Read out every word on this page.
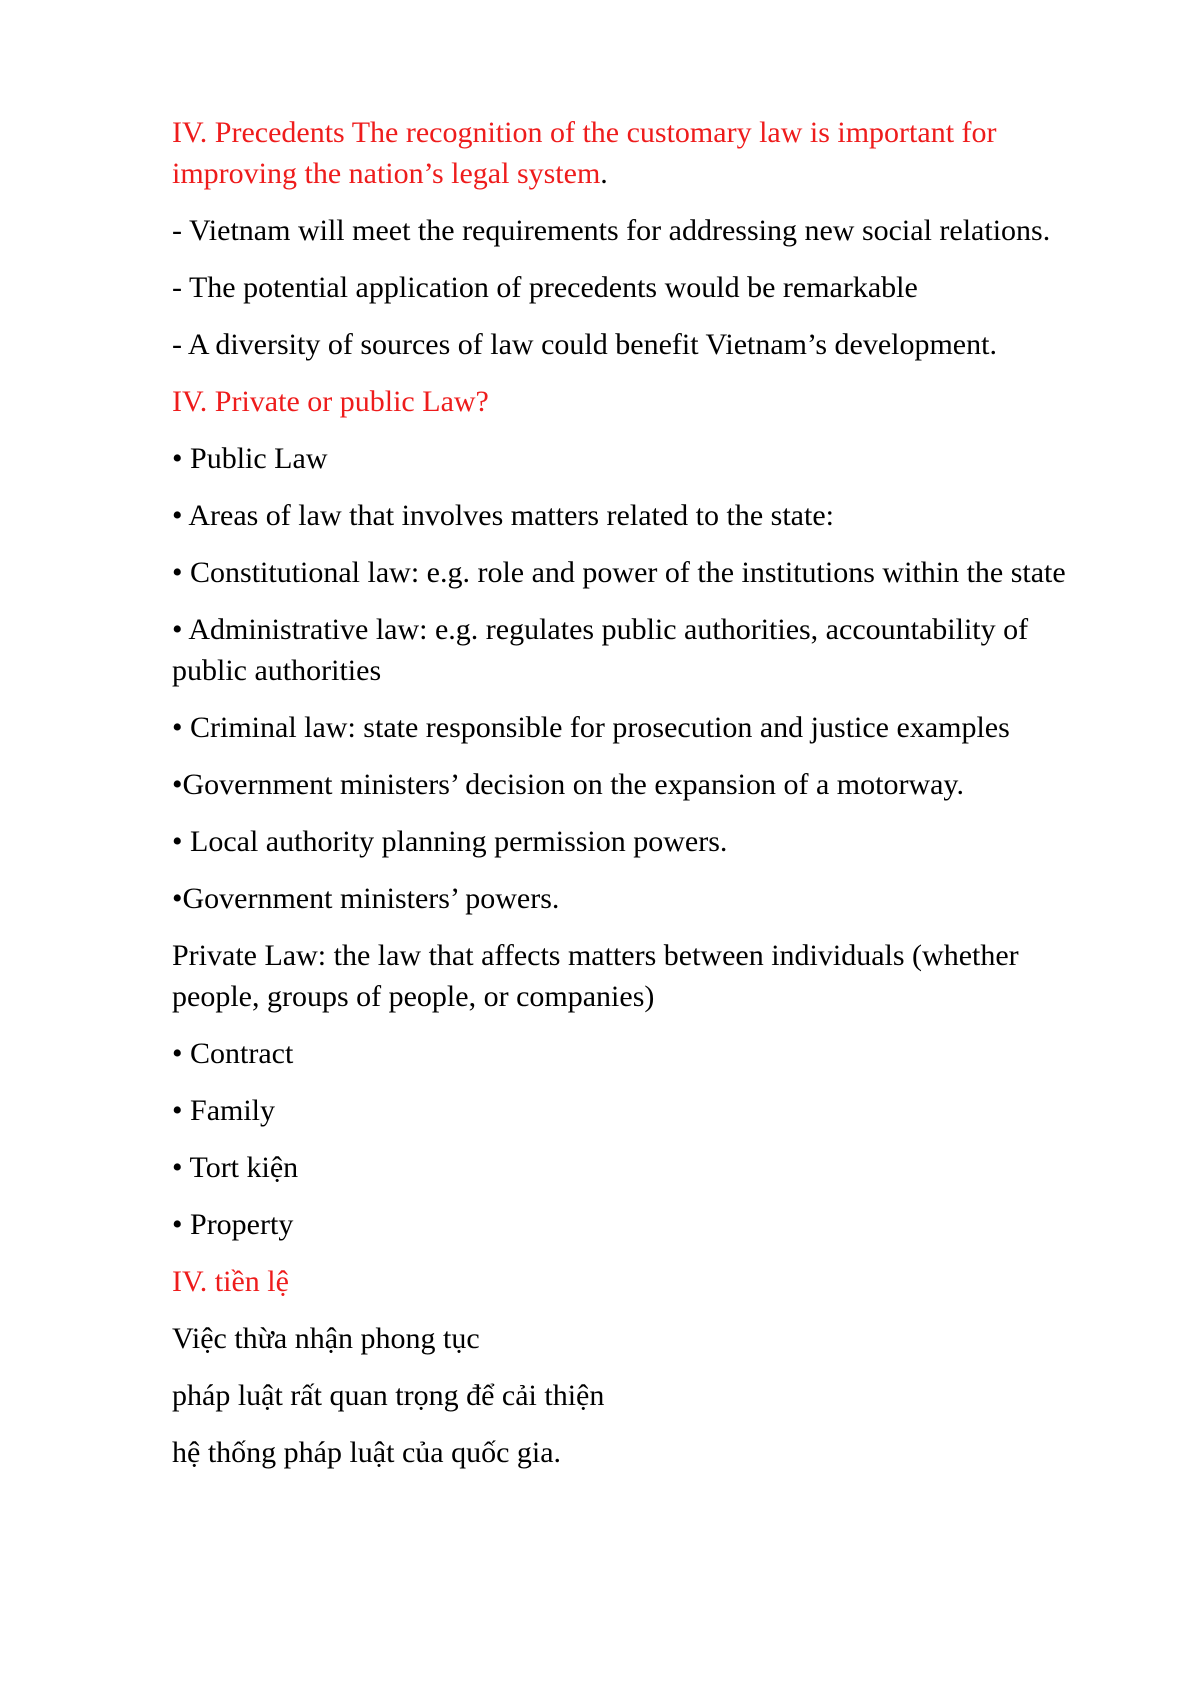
IV. Precedents The recognition of the customary law is important for improving the nation’s legal system.

- Vietnam will meet the requirements for addressing new social relations.

- The potential application of precedents would be remarkable

- A diversity of sources of law could benefit Vietnam’s development.

IV. Private or public Law?

• Public Law

• Areas of law that involves matters related to the state:

• Constitutional law: e.g. role and power of the institutions within the state

• Administrative law: e.g. regulates public authorities, accountability of public authorities

• Criminal law: state responsible for prosecution and justice examples

•Government ministers’ decision on the expansion of a motorway.

• Local authority planning permission powers.

•Government ministers’ powers.

Private Law: the law that affects matters between individuals (whether people, groups of people, or companies)

• Contract

• Family

• Tort kiện

• Property

IV. tiền lệ

Việc thừa nhận phong tục

pháp luật rất quan trọng để cải thiện

hệ thống pháp luật của quốc gia.
